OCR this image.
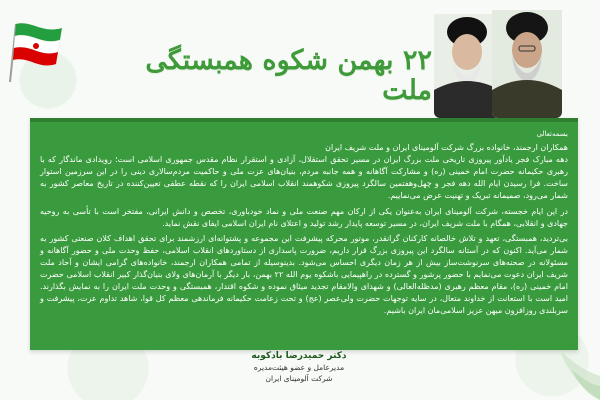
۲۲ بهمن شکوه همبستگی ملت

بسمه‌تعالی

همکاران ارجمند، خانواده بزرگ شرکت آلومینای ایران و ملت شریف ایران

دهه مبارک فجر یادآور پیروزی تاریخی ملت بزرگ ایران در مسیر تحقق استقلال، آزادی و استقرار نظام مقدس جمهوری اسلامی است؛ رویدادی ماندگار که با رهبری حکیمانه حضرت امام خمینی (ره) و مشارکت آگاهانه و همه جانبه مردم، بنیان‌های عزت ملی و حاکمیت مردم‌سالاری دینی را در این سرزمین استوار ساخت. فرا رسیدن ایام الله دهه فجر و چهل‌وهفتمین سالگرد پیروزی شکوهمند انقلاب اسلامی ایران را که نقطه عطفی تعیین‌کننده در تاریخ معاصر کشور به شمار می‌رود، صمیمانه تبریک و تهنیت عرض می‌نماییم.

در این ایام خجسته، شرکت آلومینای ایران به‌عنوان یکی از ارکان مهم صنعت ملی و نماد خودباوری، تخصص و دانش ایرانی، مفتخر است با تأسی به روحیه جهادی و انقلابی، همگام با ملت شریف ایران، در مسیر توسعه پایدار رشد تولید و اعتلای نام ایران اسلامی ایفای نقش نماید.

بی‌تردید، همبستگی، تعهد و تلاش خالصانه کارکنان گرانقدر، موتور محرکه پیشرفت این مجموعه و پشتوانه‌ای ارزشمند برای تحقق اهداف کلان صنعتی کشور به شمار می‌آید. اکنون که در آستانه سالگرد این پیروزی بزرگ قرار داریم، ضرورت پاسداری از دستاوردهای انقلاب اسلامی، حفظ وحدت ملی و حضور آگاهانه و مسئولانه در صحنه‌های سرنوشت‌ساز بیش از هر زمان دیگری احساس می‌شود. بدینوسیله از تمامی همکاران ارجمند، خانواده‌های گرامی ایشان و آحاد ملت شریف ایران دعوت می‌نمایم با حضور پرشور و گسترده در راهپیمایی باشکوه یوم الله ۲۲ بهمن، بار دیگر با آرمان‌های ولای بنیان‌گذار کبیر انقلاب اسلامی حضرت امام خمینی (ره)، مقام معظم رهبری (مدظله‌العالی) و شهدای والامقام تجدید میثاق نموده و شکوه اقتدار، همبستگی و وحدت ملت ایران را به نمایش بگذارند. امید است با استعانت از خداوند متعال، در سایه توجهات حضرت ولی‌عصر (عج) و تحت زعامت حکیمانه فرماندهی معظم کل قوا، شاهد تداوم عزت، پیشرفت و سربلندی روزافزون میهن عزیز اسلامی‌مان ایران باشیم.

دکتر حمیدرضا بادکوبه
مدیرعامل و عضو هیئت‌مدیره
شرکت آلومینای ایران
